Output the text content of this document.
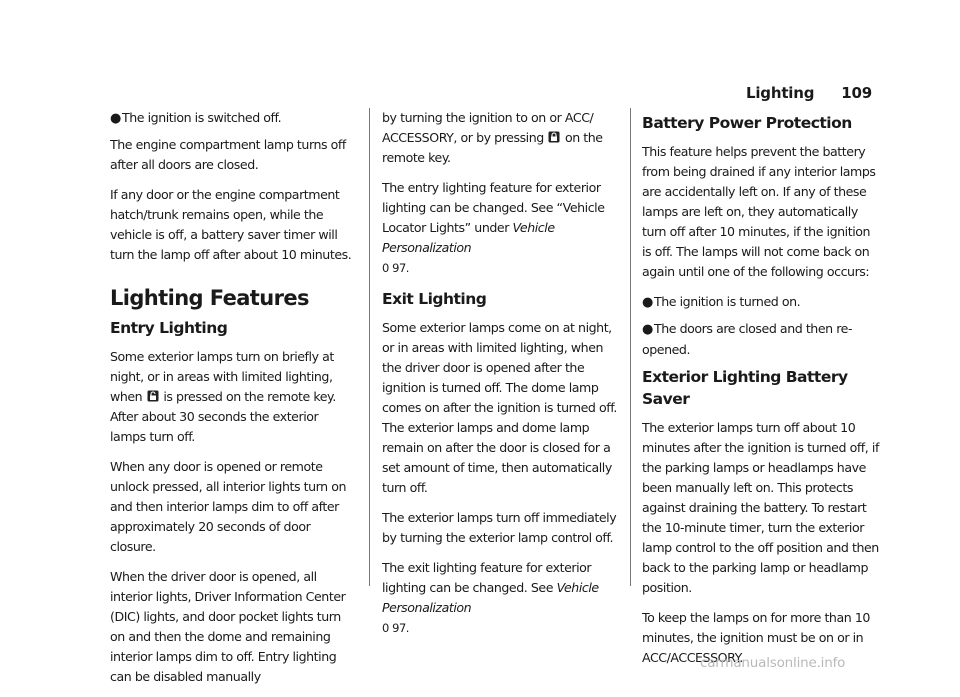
Lighting 109

●The ignition is switched off.

The engine compartment lamp turns off after all doors are closed.

If any door or the engine compartment hatch/trunk remains open, while the vehicle is off, a battery saver timer will turn the lamp off after about 10 minutes.

Lighting Features
Entry Lighting

Some exterior lamps turn on briefly at night, or in areas with limited lighting, when is pressed on the remote key. After about 30 seconds the exterior lamps turn off.

When any door is opened or remote unlock pressed, all interior lights turn on and then interior lamps dim to off after approximately 20 seconds of door closure.

When the driver door is opened, all interior lights, Driver Information Center (DIC) lights, and door pocket lights turn on and then the dome and remaining interior lamps dim to off. Entry lighting can be disabled manually

by turning the ignition to on or ACC/ ACCESSORY, or by pressing on the remote key.

The entry lighting feature for exterior lighting can be changed. See “Vehicle Locator Lights” under Vehicle Personalization
0 97.

Exit Lighting

Some exterior lamps come on at night, or in areas with limited lighting, when the driver door is opened after the ignition is turned off. The dome lamp comes on after the ignition is turned off. The exterior lamps and dome lamp remain on after the door is closed for a set amount of time, then automatically turn off.

The exterior lamps turn off immediately by turning the exterior lamp control off.

The exit lighting feature for exterior lighting can be changed. See Vehicle Personalization
0 97.

Battery Power Protection

This feature helps prevent the battery from being drained if any interior lamps are accidentally left on. If any of these lamps are left on, they automatically turn off after 10 minutes, if the ignition is off. The lamps will not come back on again until one of the following occurs:

●The ignition is turned on.

●The doors are closed and then re-opened.

Exterior Lighting Battery Saver

The exterior lamps turn off about 10 minutes after the ignition is turned off, if the parking lamps or headlamps have been manually left on. This protects against draining the battery. To restart the 10-minute timer, turn the exterior lamp control to the off position and then back to the parking lamp or headlamp position.

To keep the lamps on for more than 10 minutes, the ignition must be on or in ACC/ACCESSORY.

carmanualsonline.info
